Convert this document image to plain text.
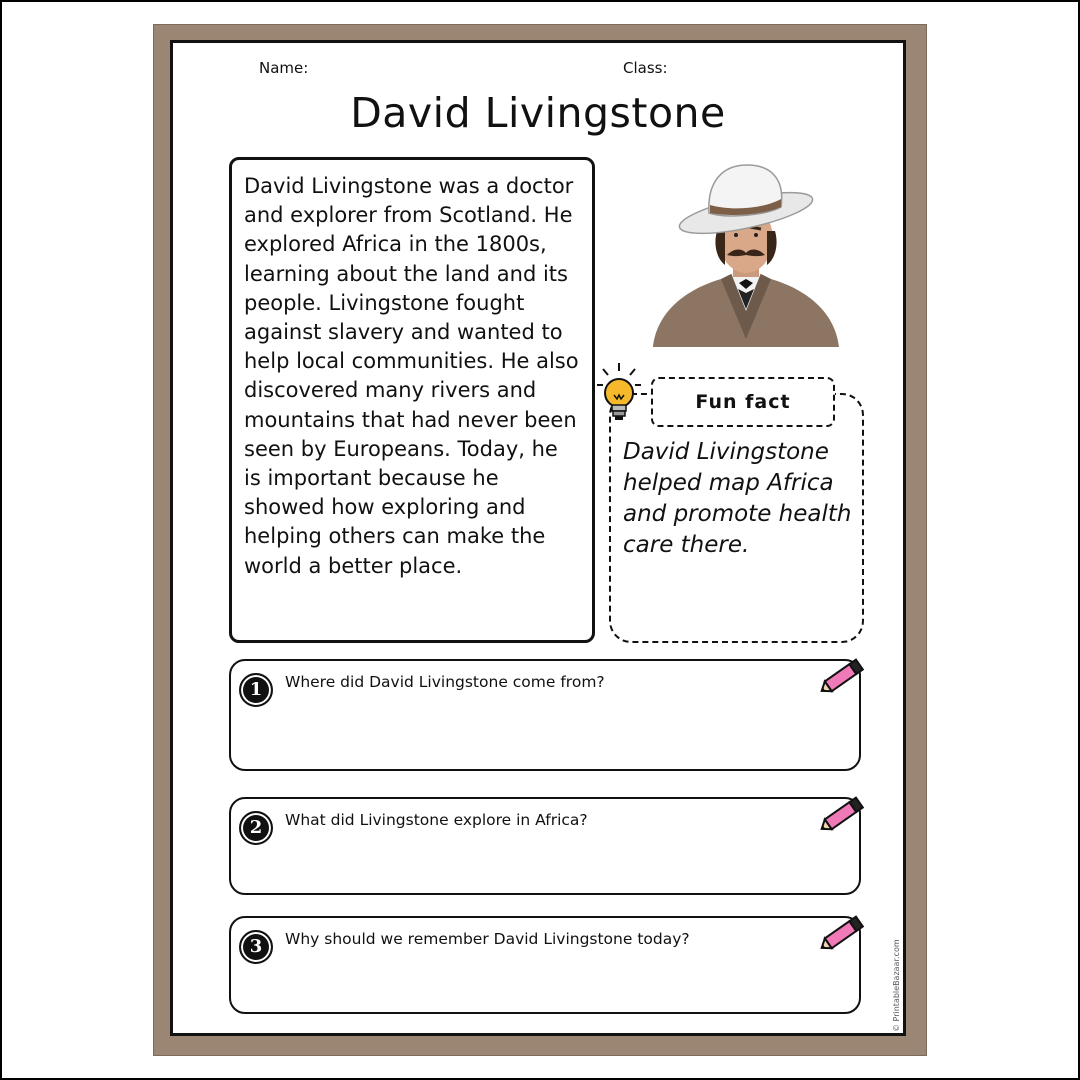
Name:	Class:
David Livingstone

David Livingstone was a doctor and explorer from Scotland. He explored Africa in the 1800s, learning about the land and its people. Livingstone fought against slavery and wanted to help local communities. He also discovered many rivers and mountains that had never been seen by Europeans. Today, he is important because he showed how exploring and helping others can make the world a better place.

Fun fact
David Livingstone helped map Africa and promote health care there.
1	Where did David Livingstone come from?
2	What did Livingstone explore in Africa?
3	Why should we remember David Livingstone today?
© PrintableBazaar.com
